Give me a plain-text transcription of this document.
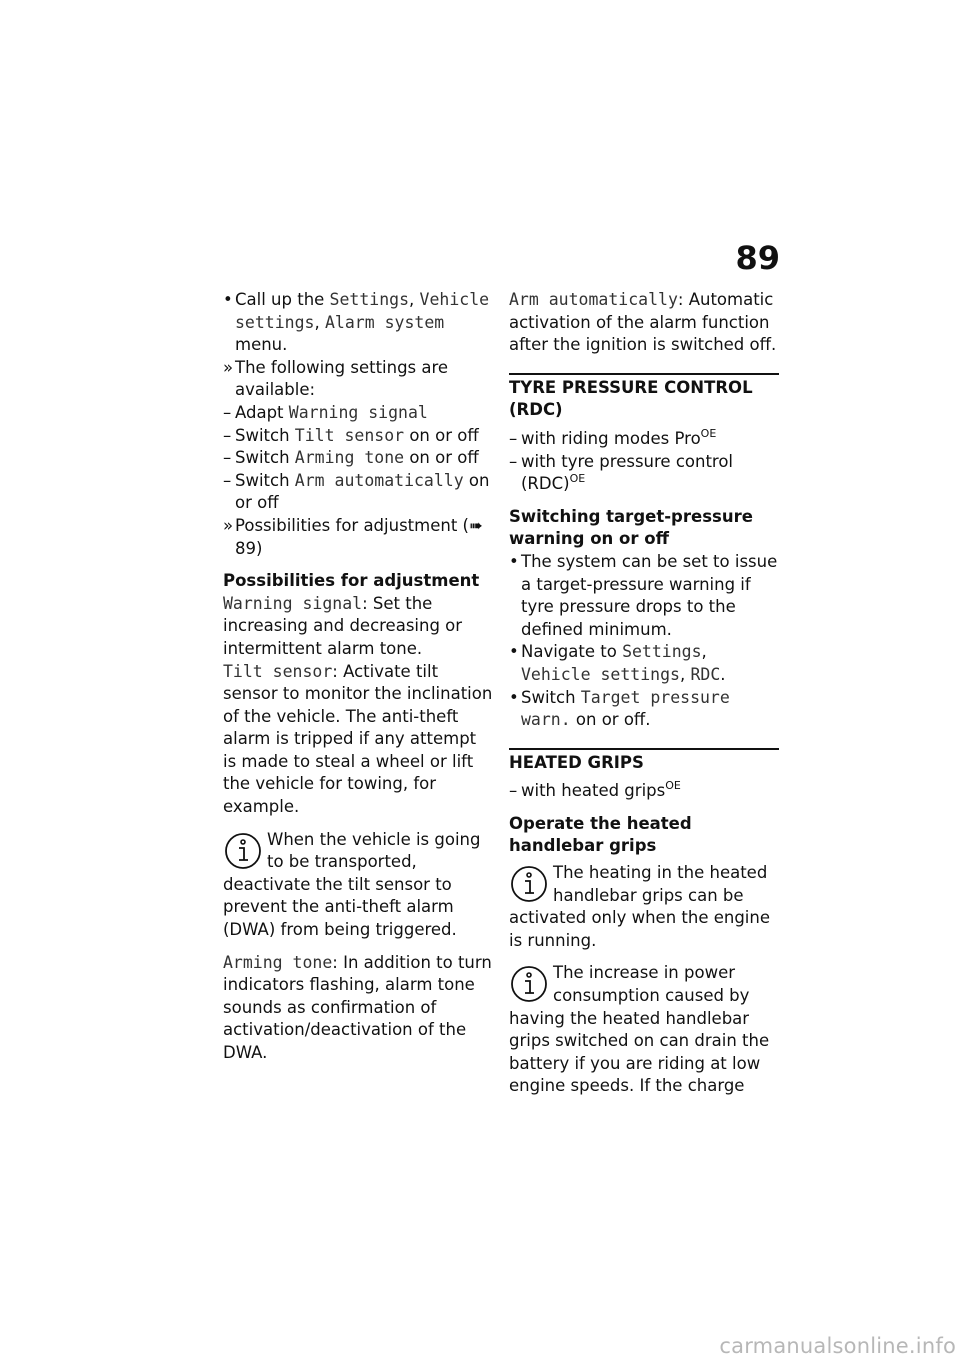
89
• Call up the Settings, Vehicle settings, Alarm system menu.
» The following settings are available:
– Adapt Warning signal
– Switch Tilt sensor on or off
– Switch Arming tone on or off
– Switch Arm automatically on or off
» Possibilities for adjustment (➠ 89)
Possibilities for adjustment
Warning signal: Set the increasing and decreasing or intermittent alarm tone.
Tilt sensor: Activate tilt sensor to monitor the inclination of the vehicle. The anti-theft alarm is tripped if any attempt is made to steal a wheel or lift the vehicle for towing, for example.
When the vehicle is going to be transported, deactivate the tilt sensor to prevent the anti-theft alarm (DWA) from being triggered.
Arming tone: In addition to turn indicators flashing, alarm tone sounds as confirmation of activation/deactivation of the DWA.
Arm automatically: Automatic activation of the alarm function after the ignition is switched off.
TYRE PRESSURE CONTROL (RDC)
– with riding modes Pro$^{OE}$
– with tyre pressure control (RDC)$^{OE}$
Switching target-pressure warning on or off
• The system can be set to issue a target-pressure warning if tyre pressure drops to the defined minimum.
• Navigate to Settings, Vehicle settings, RDC.
• Switch Target pressure warn. on or off.
HEATED GRIPS
– with heated grips$^{OE}$
Operate the heated handlebar grips
The heating in the heated handlebar grips can be activated only when the engine is running.
The increase in power consumption caused by having the heated handlebar grips switched on can drain the battery if you are riding at low engine speeds. If the charge
carmanualsonline.info
